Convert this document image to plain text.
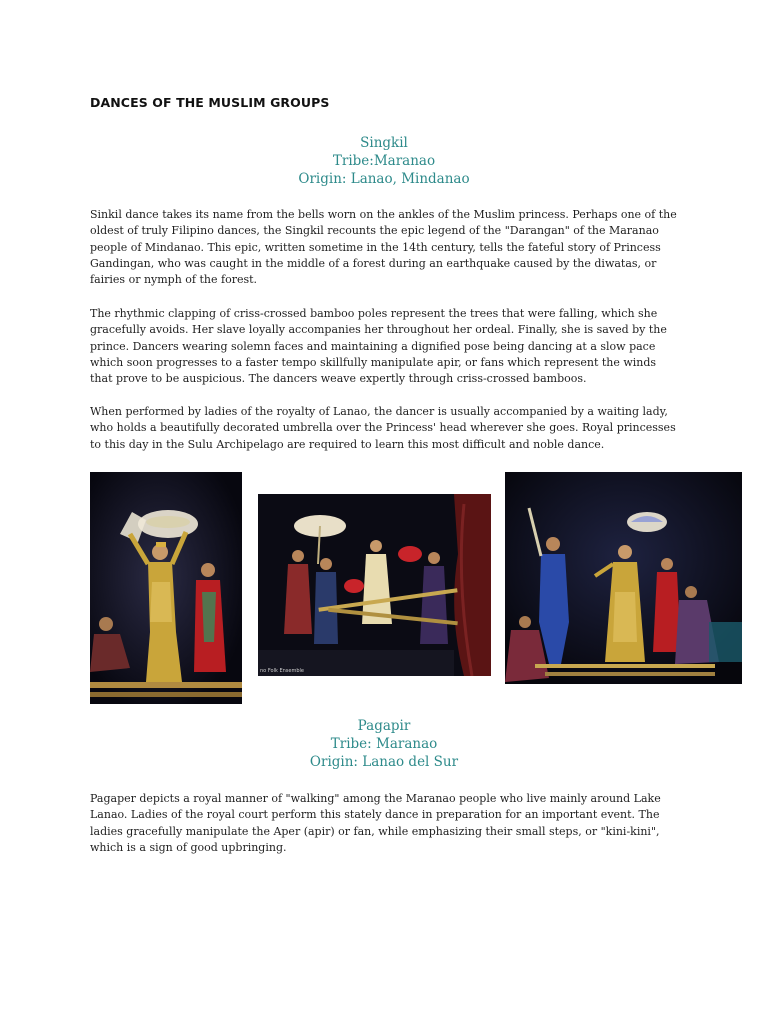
DANCES OF THE MUSLIM GROUPS
Singkil
Tribe:Maranao
Origin: Lanao, Mindanao

Sinkil dance takes its name from the bells worn on the ankles of the Muslim princess. Perhaps one of the oldest of truly Filipino dances, the Singkil recounts the epic legend of the "Darangan" of the Maranao people of Mindanao. This epic, written sometime in the 14th century, tells the fateful story of Princess Gandingan, who was caught in the middle of a forest during an earthquake caused by the diwatas, or fairies or nymph of the forest.

The rhythmic clapping of criss-crossed bamboo poles represent the trees that were falling, which she gracefully avoids. Her slave loyally accompanies her throughout her ordeal. Finally, she is saved by the prince. Dancers wearing solemn faces and maintaining a dignified pose being dancing at a slow pace which soon progresses to a faster tempo skillfully manipulate apir, or fans which represent the winds that prove to be auspicious. The dancers weave expertly through criss-crossed bamboos.

When performed by ladies of the royalty of Lanao, the dancer is usually accompanied by a waiting lady, who holds a beautifully decorated umbrella over the Princess' head wherever she goes. Royal princesses to this day in the Sulu Archipelago are required to learn this most difficult and noble dance.

no Folk Ensemble
Pagapir
Tribe: Maranao
Origin: Lanao del Sur

Pagaper depicts a royal manner of "walking" among the Maranao people who live mainly around Lake Lanao. Ladies of the royal court perform this stately dance in preparation for an important event. The ladies gracefully manipulate the Aper (apir) or fan, while emphasizing their small steps, or "kini-kini", which is a sign of good upbringing.
